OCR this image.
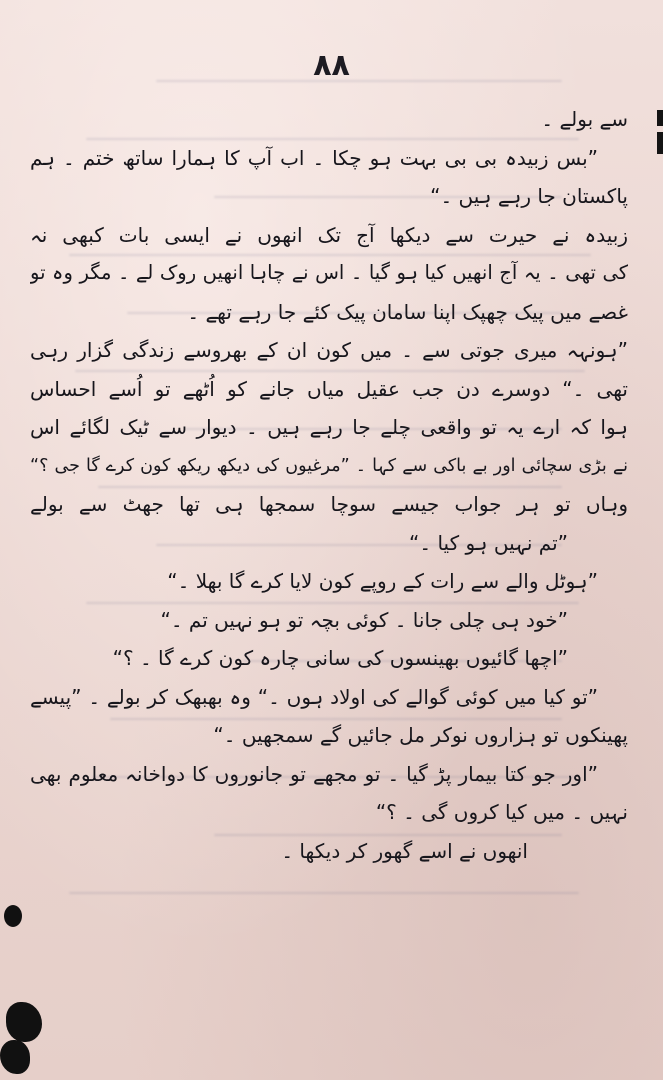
۸۸
سے بولے ۔
”بس زبیدہ بی بی بہت ہو چکا ۔ اب آپ کا ہمارا ساتھ ختم ۔ ہم
پاکستان جا رہے ہیں ۔“
زبیدہ نے حیرت سے دیکھا آج تک انھوں نے ایسی بات کبھی نہ
کی تھی ۔ یہ آج انھیں کیا ہو گیا ۔ اس نے چاہا انھیں روک لے ۔ مگر وہ تو
غصے میں پیک چھپک اپنا سامان پیک کئے جا رہے تھے ۔
”ہونہہ میری جوتی سے ۔ میں کون ان کے بھروسے زندگی گزار رہی
تھی ۔“ دوسرے دن جب عقیل میاں جانے کو اُٹھے تو اُسے احساس
ہوا کہ ارے یہ تو واقعی چلے جا رہے ہیں ۔ دیوار سے ٹیک لگائے اس
نے بڑی سچائی اور بے باکی سے کہا ۔ ”مرغیوں کی دیکھ ریکھ کون کرے گا جی ؟“
وہاں تو ہر جواب جیسے سوچا سمجھا ہی تھا جھٹ سے بولے
”تم نہیں ہو کیا ۔“
”ہوٹل والے سے رات کے روپے کون لایا کرے گا بھلا ۔“
”خود ہی چلی جانا ۔ کوئی بچہ تو ہو نہیں تم ۔“
”اچھا گائیوں بھینسوں کی سانی چارہ کون کرے گا ۔ ؟“
”تو کیا میں کوئی گوالے کی اولاد ہوں ۔“ وہ بھبھک کر بولے ۔ ”پیسے
پھینکوں تو ہزاروں نوکر مل جائیں گے سمجھیں ۔“
”اور جو کتا بیمار پڑ گیا ۔ تو مجھے تو جانوروں کا دواخانہ معلوم بھی
نہیں ۔ میں کیا کروں گی ۔ ؟“
انھوں نے اسے گھور کر دیکھا ۔
